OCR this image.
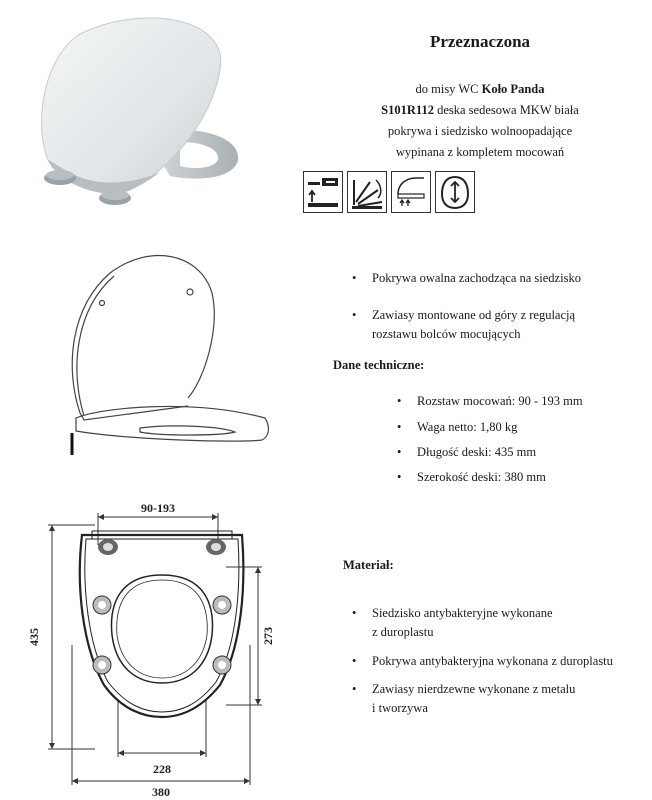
Przeznaczona
do misy WC Koło Panda
S101R112 deska sedesowa MKW biała
pokrywa i siedzisko wolnoopadające
wypinana z kompletem mocowań
90-193
435	273
228
380
•	Pokrywa owalna zachodząca na siedzisko
•	Zawiasy montowane od góry z regulacją
rozstawu bolców mocujących
Dane techniczne:
•	Rozstaw mocowań: 90 - 193 mm
•	Waga netto: 1,80 kg
•	Długość deski: 435 mm
•	Szerokość deski: 380 mm
Materiał:
•	Siedzisko antybakteryjne wykonane
z duroplastu
•	Pokrywa antybakteryjna wykonana z duroplastu
•	Zawiasy nierdzewne wykonane z metalu
i tworzywa
